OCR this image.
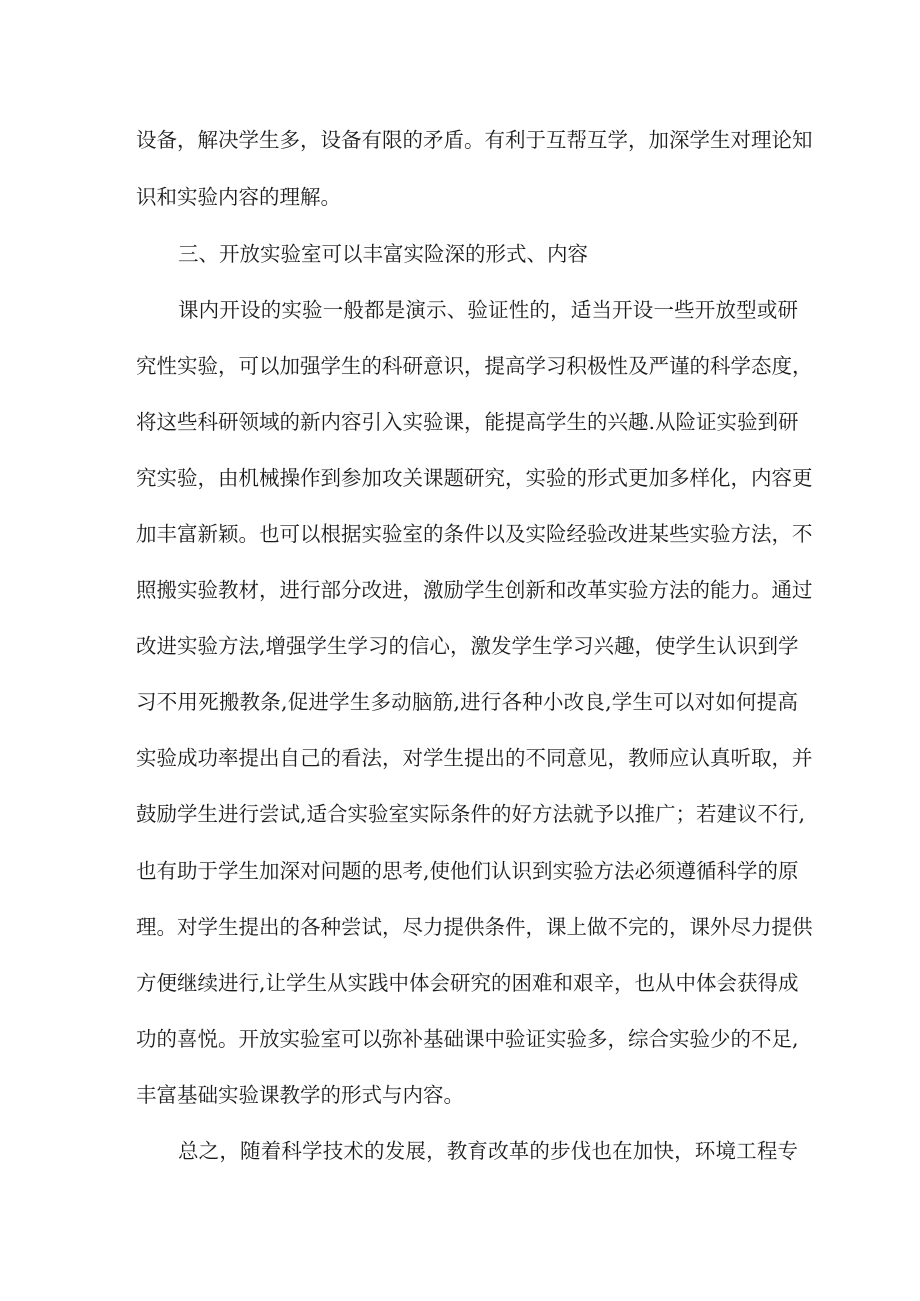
设备，解决学生多，设备有限的矛盾。有利于互帮互学，加深学生对理论知
识和实验内容的理解。
三、开放实验室可以丰富实险深的形式、内容
课内开设的实验一般都是演示、验证性的，适当开设一些开放型或研
究性实验，可以加强学生的科研意识，提高学习积极性及严谨的科学态度，
将这些科研领域的新内容引入实验课，能提高学生的兴趣.从险证实验到研
究实验，由机械操作到参加攻关课题研究，实验的形式更加多样化，内容更
加丰富新颖。也可以根据实验室的条件以及实险经验改进某些实验方法，不
照搬实验教材，进行部分改进，激励学生创新和改革实验方法的能力。通过
改进实验方法,增强学生学习的信心，激发学生学习兴趣，使学生认识到学
习不用死搬教条,促进学生多动脑筋,进行各种小改良,学生可以对如何提高
实验成功率提出自己的看法，对学生提出的不同意见，教师应认真听取，并
鼓励学生进行尝试,适合实验室实际条件的好方法就予以推广；若建议不行,
也有助于学生加深对问题的思考,使他们认识到实验方法必须遵循科学的原
理。对学生提出的各种尝试，尽力提供条件，课上做不完的，课外尽力提供
方便继续进行,让学生从实践中体会研究的困难和艰辛，也从中体会获得成
功的喜悦。开放实验室可以弥补基础课中验证实验多，综合实验少的不足,
丰富基础实验课教学的形式与内容。
总之，随着科学技术的发展，教育改革的步伐也在加快，环境工程专
